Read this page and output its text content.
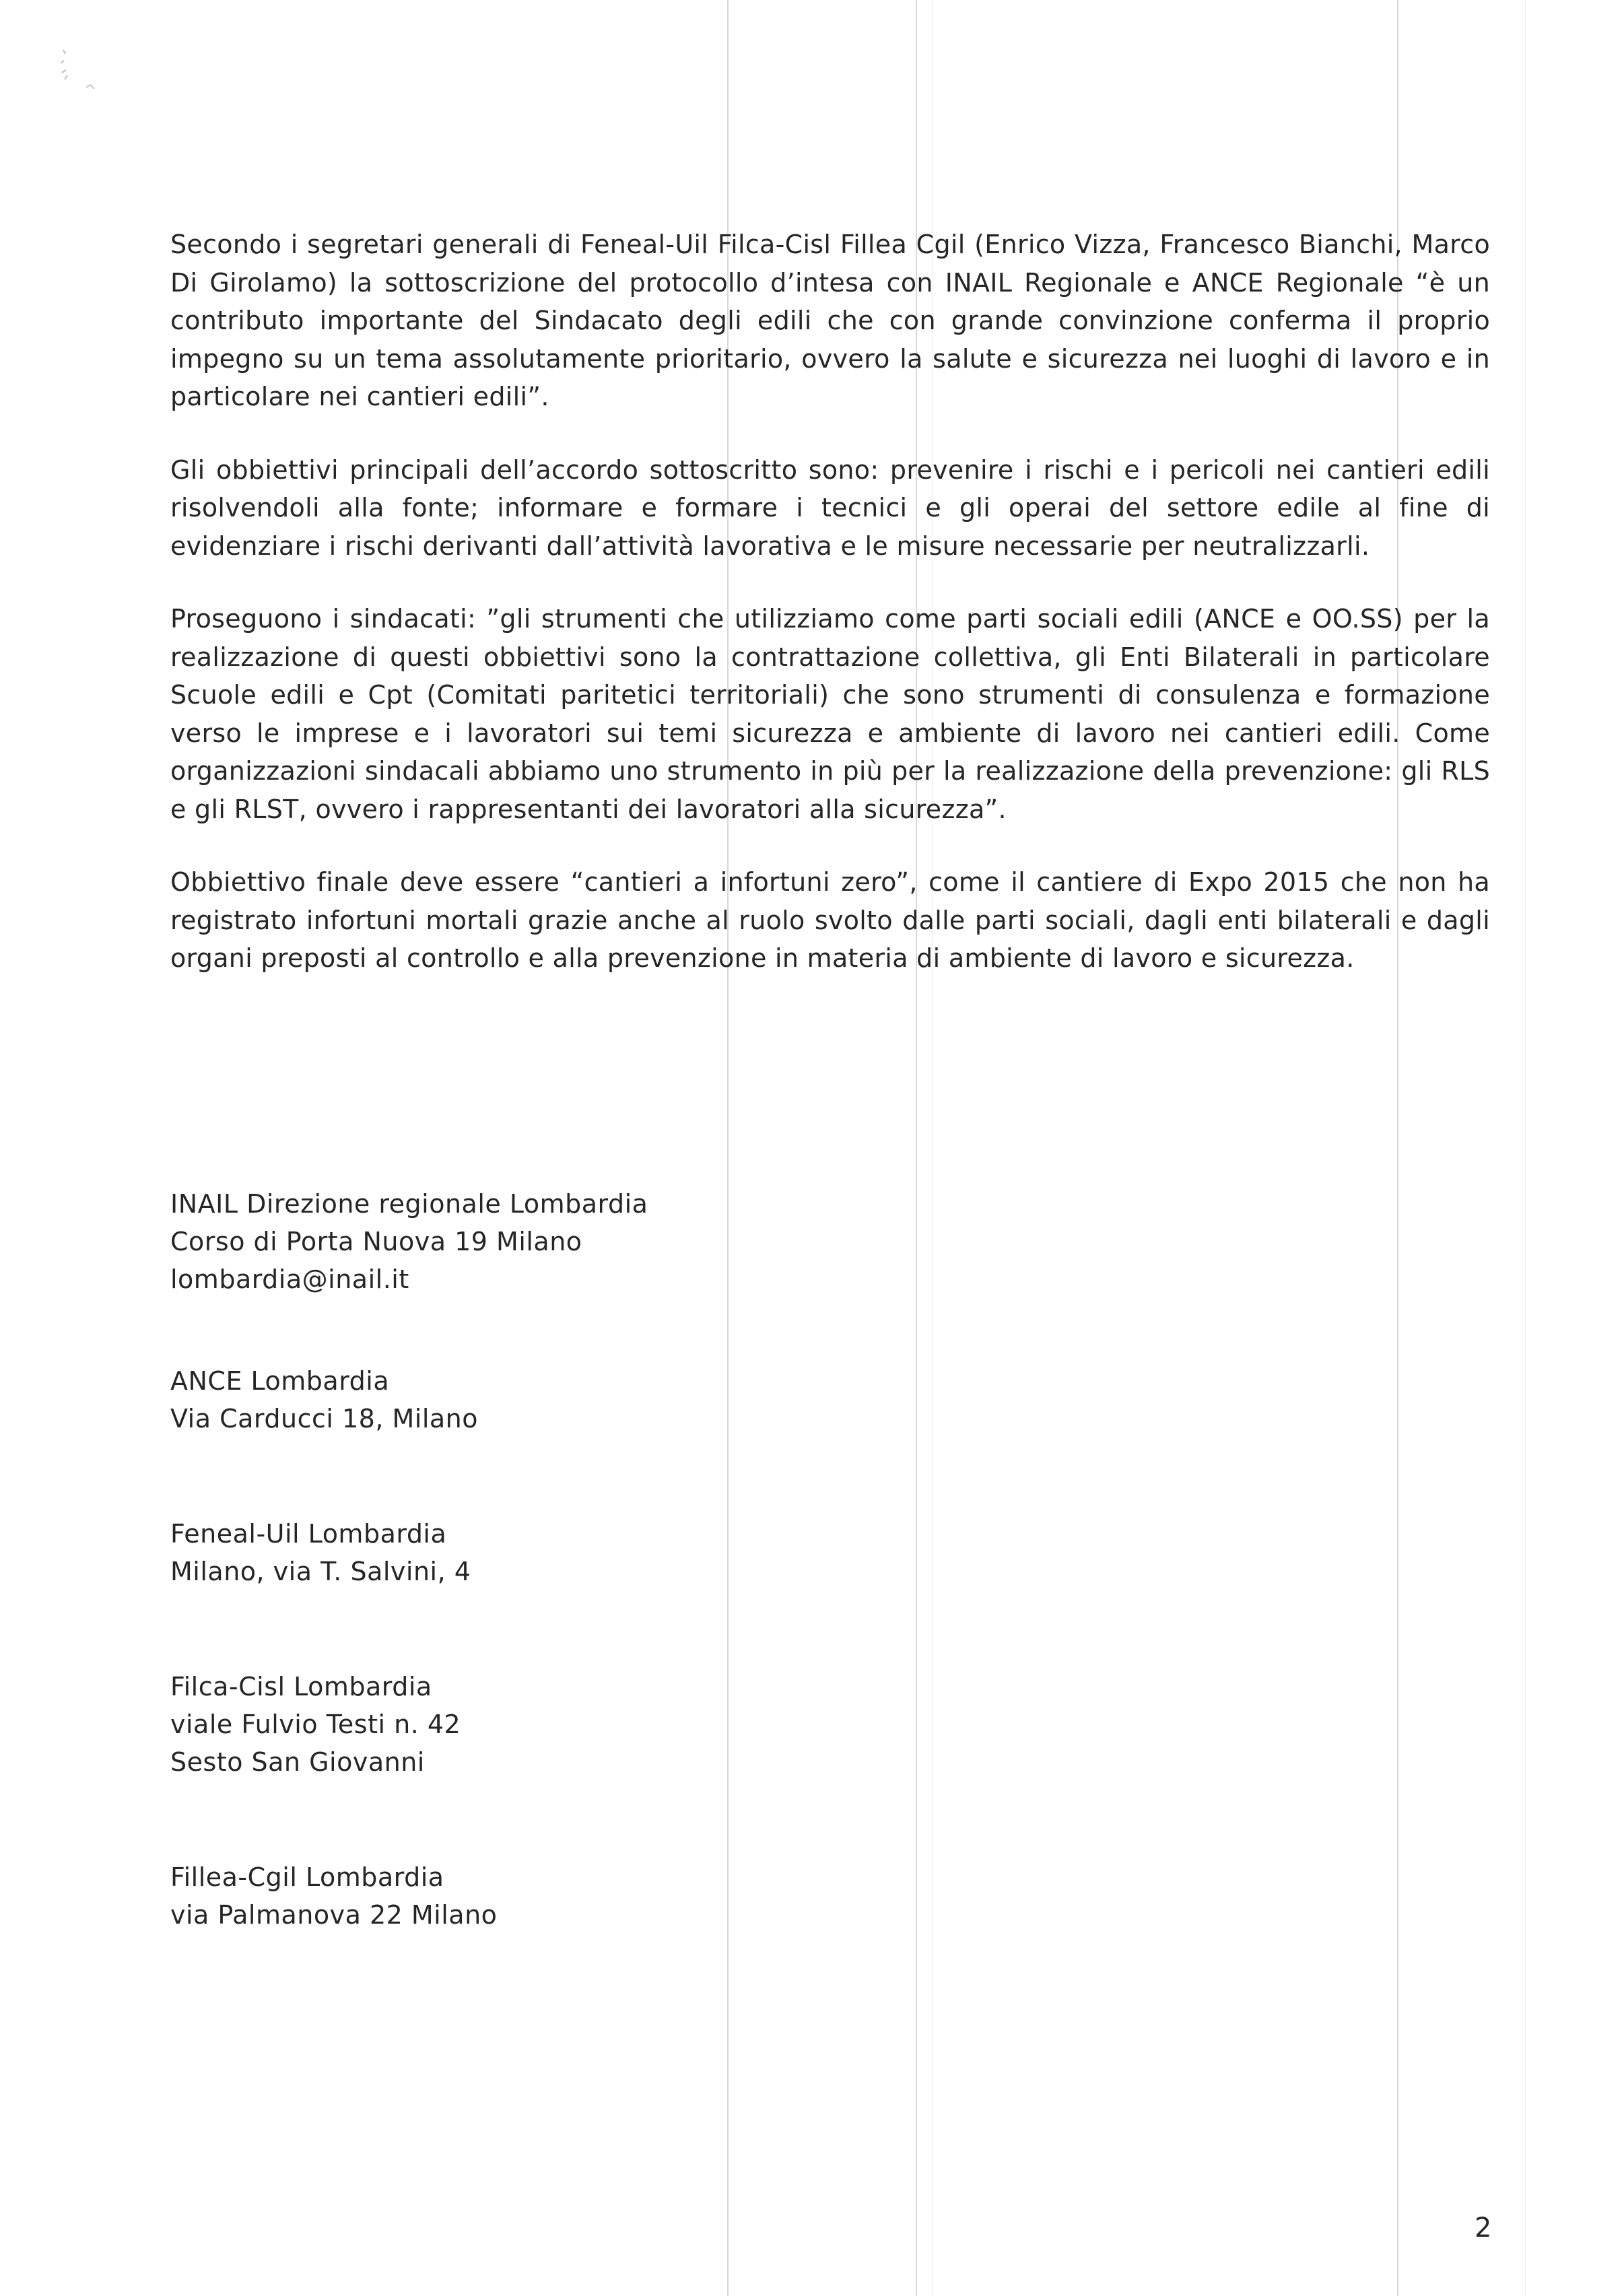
Secondo i segretari generali di Feneal-Uil Filca-Cisl Fillea Cgil (Enrico Vizza, Francesco Bianchi, Marco Di Girolamo) la sottoscrizione del protocollo d’intesa con INAIL Regionale e ANCE Regionale “è un contributo importante del Sindacato degli edili che con grande convinzione conferma il proprio impegno su un tema assolutamente prioritario, ovvero la salute e sicurezza nei luoghi di lavoro e in particolare nei cantieri edili”.

Gli obbiettivi principali dell’accordo sottoscritto sono: prevenire i rischi e i pericoli nei cantieri edili risolvendoli alla fonte; informare e formare i tecnici e gli operai del settore edile al fine di evidenziare i rischi derivanti dall’attività lavorativa e le misure necessarie per neutralizzarli.

Proseguono i sindacati: ”gli strumenti che utilizziamo come parti sociali edili (ANCE e OO.SS) per la realizzazione di questi obbiettivi sono la contrattazione collettiva, gli Enti Bilaterali in particolare Scuole edili e Cpt (Comitati paritetici territoriali) che sono strumenti di consulenza e formazione verso le imprese e i lavoratori sui temi sicurezza e ambiente di lavoro nei cantieri edili. Come organizzazioni sindacali abbiamo uno strumento in più per la realizzazione della prevenzione: gli RLS e gli RLST, ovvero i rappresentanti dei lavoratori alla sicurezza”.

Obbiettivo finale deve essere “cantieri a infortuni zero”, come il cantiere di Expo 2015 che non ha registrato infortuni mortali grazie anche al ruolo svolto dalle parti sociali, dagli enti bilaterali e dagli organi preposti al controllo e alla prevenzione in materia di ambiente di lavoro e sicurezza.

INAIL Direzione regionale Lombardia
Corso di Porta Nuova 19 Milano
lombardia@inail.it
ANCE Lombardia
Via Carducci 18, Milano
Feneal-Uil Lombardia
Milano, via T. Salvini, 4
Filca-Cisl Lombardia
viale Fulvio Testi n. 42
Sesto San Giovanni
Fillea-Cgil Lombardia
via Palmanova 22 Milano
2
